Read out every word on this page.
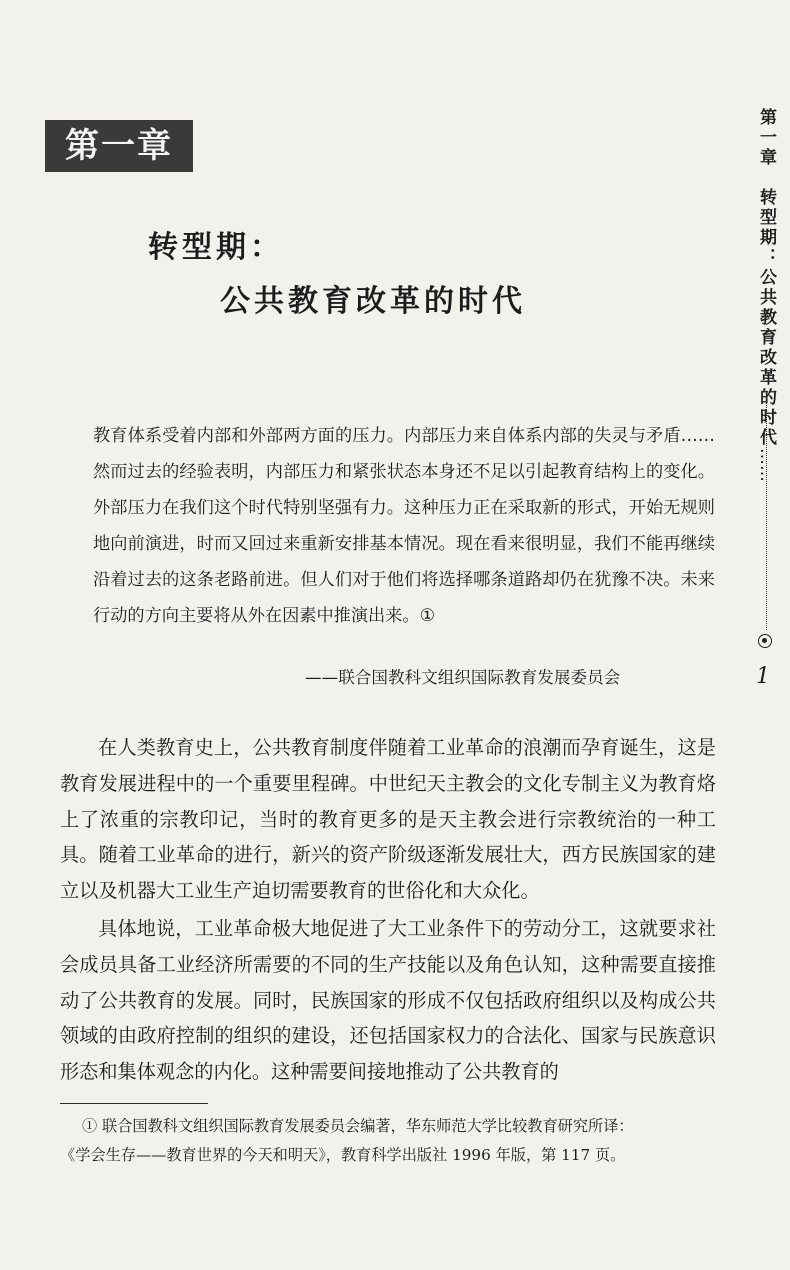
第一章
转型期：
公共教育改革的时代

教育体系受着内部和外部两方面的压力。内部压力来自体系内部的失灵与矛盾……然而过去的经验表明，内部压力和紧张状态本身还不足以引起教育结构上的变化。外部压力在我们这个时代特别坚强有力。这种压力正在采取新的形式，开始无规则地向前演进，时而又回过来重新安排基本情况。现在看来很明显，我们不能再继续沿着过去的这条老路前进。但人们对于他们将选择哪条道路却仍在犹豫不决。未来行动的方向主要将从外在因素中推演出来。①

——联合国教科文组织国际教育发展委员会

在人类教育史上，公共教育制度伴随着工业革命的浪潮而孕育诞生，这是教育发展进程中的一个重要里程碑。中世纪天主教会的文化专制主义为教育烙上了浓重的宗教印记，当时的教育更多的是天主教会进行宗教统治的一种工具。随着工业革命的进行，新兴的资产阶级逐渐发展壮大，西方民族国家的建立以及机器大工业生产迫切需要教育的世俗化和大众化。

具体地说，工业革命极大地促进了大工业条件下的劳动分工，这就要求社会成员具备工业经济所需要的不同的生产技能以及角色认知，这种需要直接推动了公共教育的发展。同时，民族国家的形成不仅包括政府组织以及构成公共领域的由政府控制的组织的建设，还包括国家权力的合法化、国家与民族意识形态和集体观念的内化。这种需要间接地推动了公共教育的

① 联合国教科文组织国际教育发展委员会编著，华东师范大学比较教育研究所译：
《学会生存——教育世界的今天和明天》，教育科学出版社 1996 年版，第 117 页。

第一章　转型期：公共教育改革的时代……

1
